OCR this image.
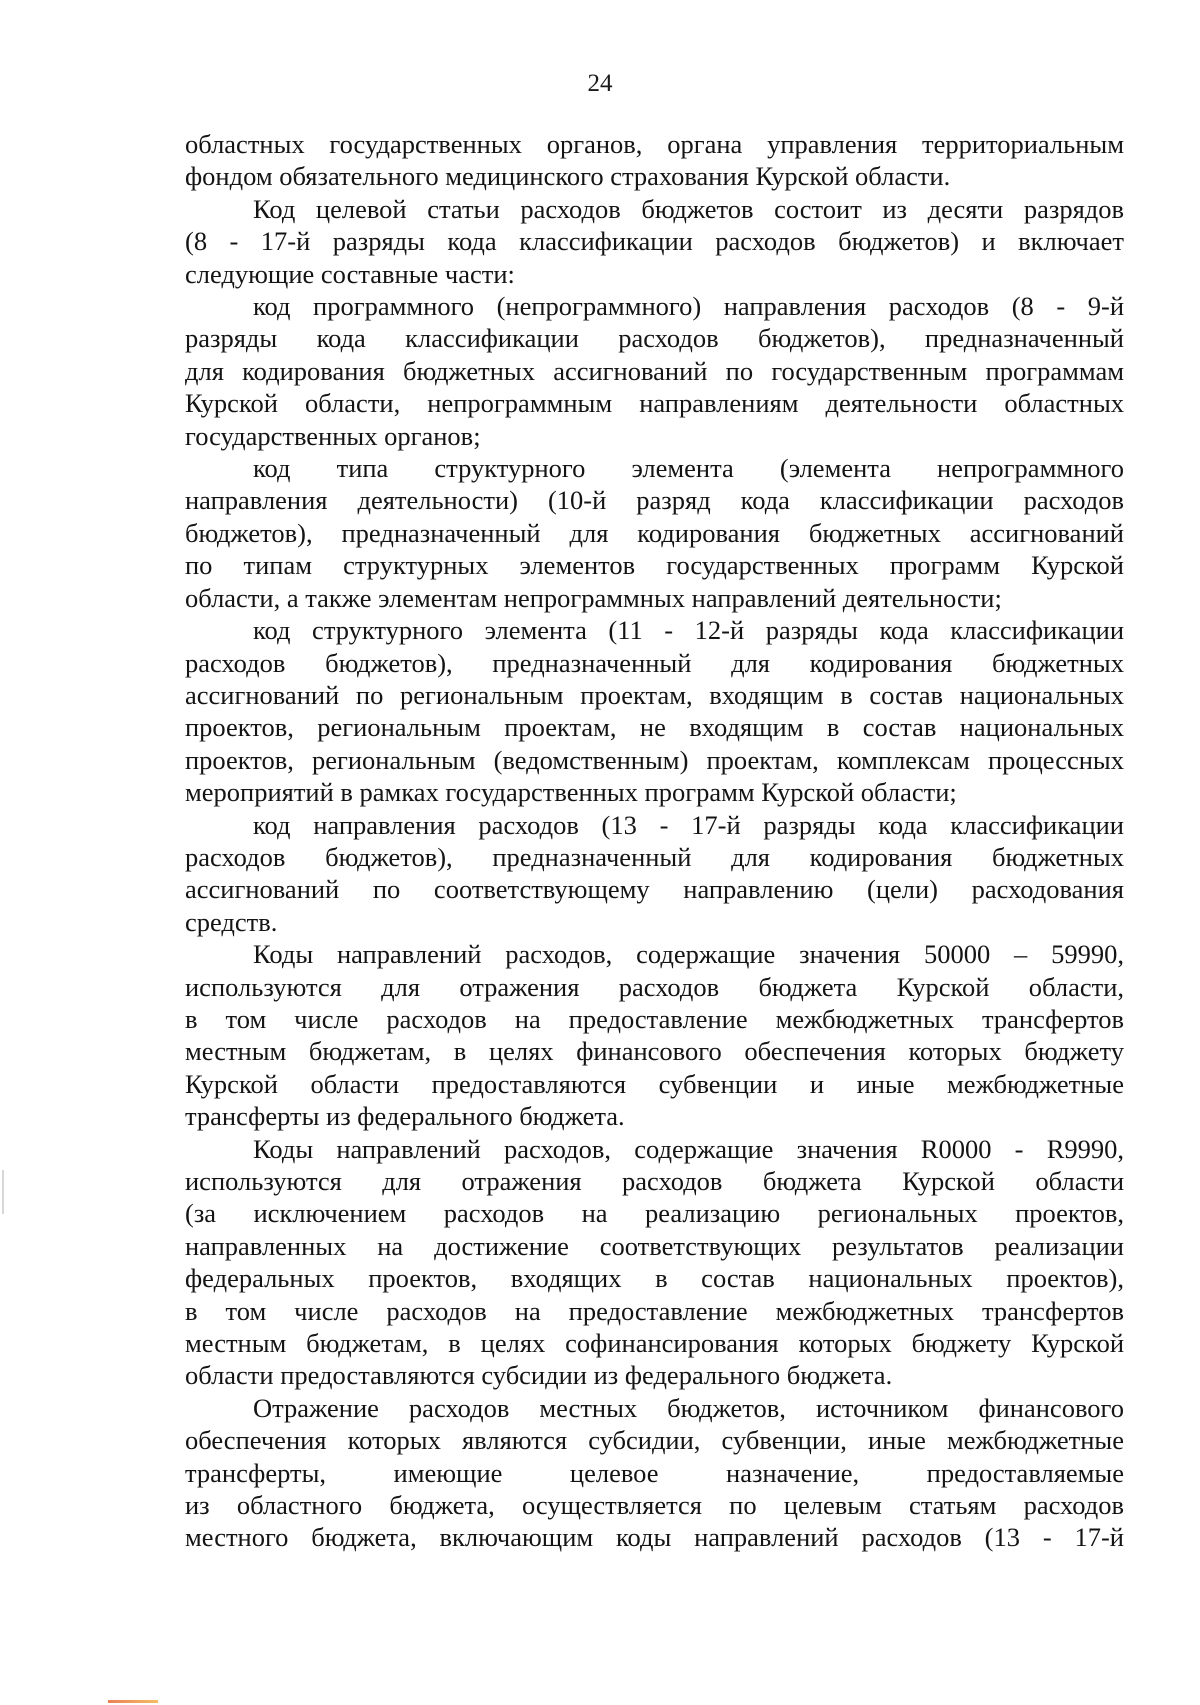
24

областных государственных органов, органа управления территориальным

фондом обязательного медицинского страхования Курской области.

Код целевой статьи расходов бюджетов состоит из десяти разрядов

(8 - 17-й разряды кода классификации расходов бюджетов) и включает

следующие составные части:

код программного (непрограммного) направления расходов (8 - 9-й

разряды кода классификации расходов бюджетов), предназначенный

для кодирования бюджетных ассигнований по государственным программам

Курской области, непрограммным направлениям деятельности областных

государственных органов;

код типа структурного элемента (элемента непрограммного

направления деятельности) (10-й разряд кода классификации расходов

бюджетов), предназначенный для кодирования бюджетных ассигнований

по типам структурных элементов государственных программ Курской

области, а также элементам непрограммных направлений деятельности;

код структурного элемента (11 - 12-й разряды кода классификации

расходов бюджетов), предназначенный для кодирования бюджетных

ассигнований по региональным проектам, входящим в состав национальных

проектов, региональным проектам, не входящим в состав национальных

проектов, региональным (ведомственным) проектам, комплексам процессных

мероприятий в рамках государственных программ Курской области;

код направления расходов (13 - 17-й разряды кода классификации

расходов бюджетов), предназначенный для кодирования бюджетных

ассигнований по соответствующему направлению (цели) расходования

средств.

Коды направлений расходов, содержащие значения 50000 – 59990,

используются для отражения расходов бюджета Курской области,

в том числе расходов на предоставление межбюджетных трансфертов

местным бюджетам, в целях финансового обеспечения которых бюджету

Курской области предоставляются субвенции и иные межбюджетные

трансферты из федерального бюджета.

Коды направлений расходов, содержащие значения R0000 - R9990,

используются для отражения расходов бюджета Курской области

(за исключением расходов на реализацию региональных проектов,

направленных на достижение соответствующих результатов реализации

федеральных проектов, входящих в состав национальных проектов),

в том числе расходов на предоставление межбюджетных трансфертов

местным бюджетам, в целях софинансирования которых бюджету Курской

области предоставляются субсидии из федерального бюджета.

Отражение расходов местных бюджетов, источником финансового

обеспечения которых являются субсидии, субвенции, иные межбюджетные

трансферты, имеющие целевое назначение, предоставляемые

из областного бюджета, осуществляется по целевым статьям расходов

местного бюджета, включающим коды направлений расходов (13 - 17-й
